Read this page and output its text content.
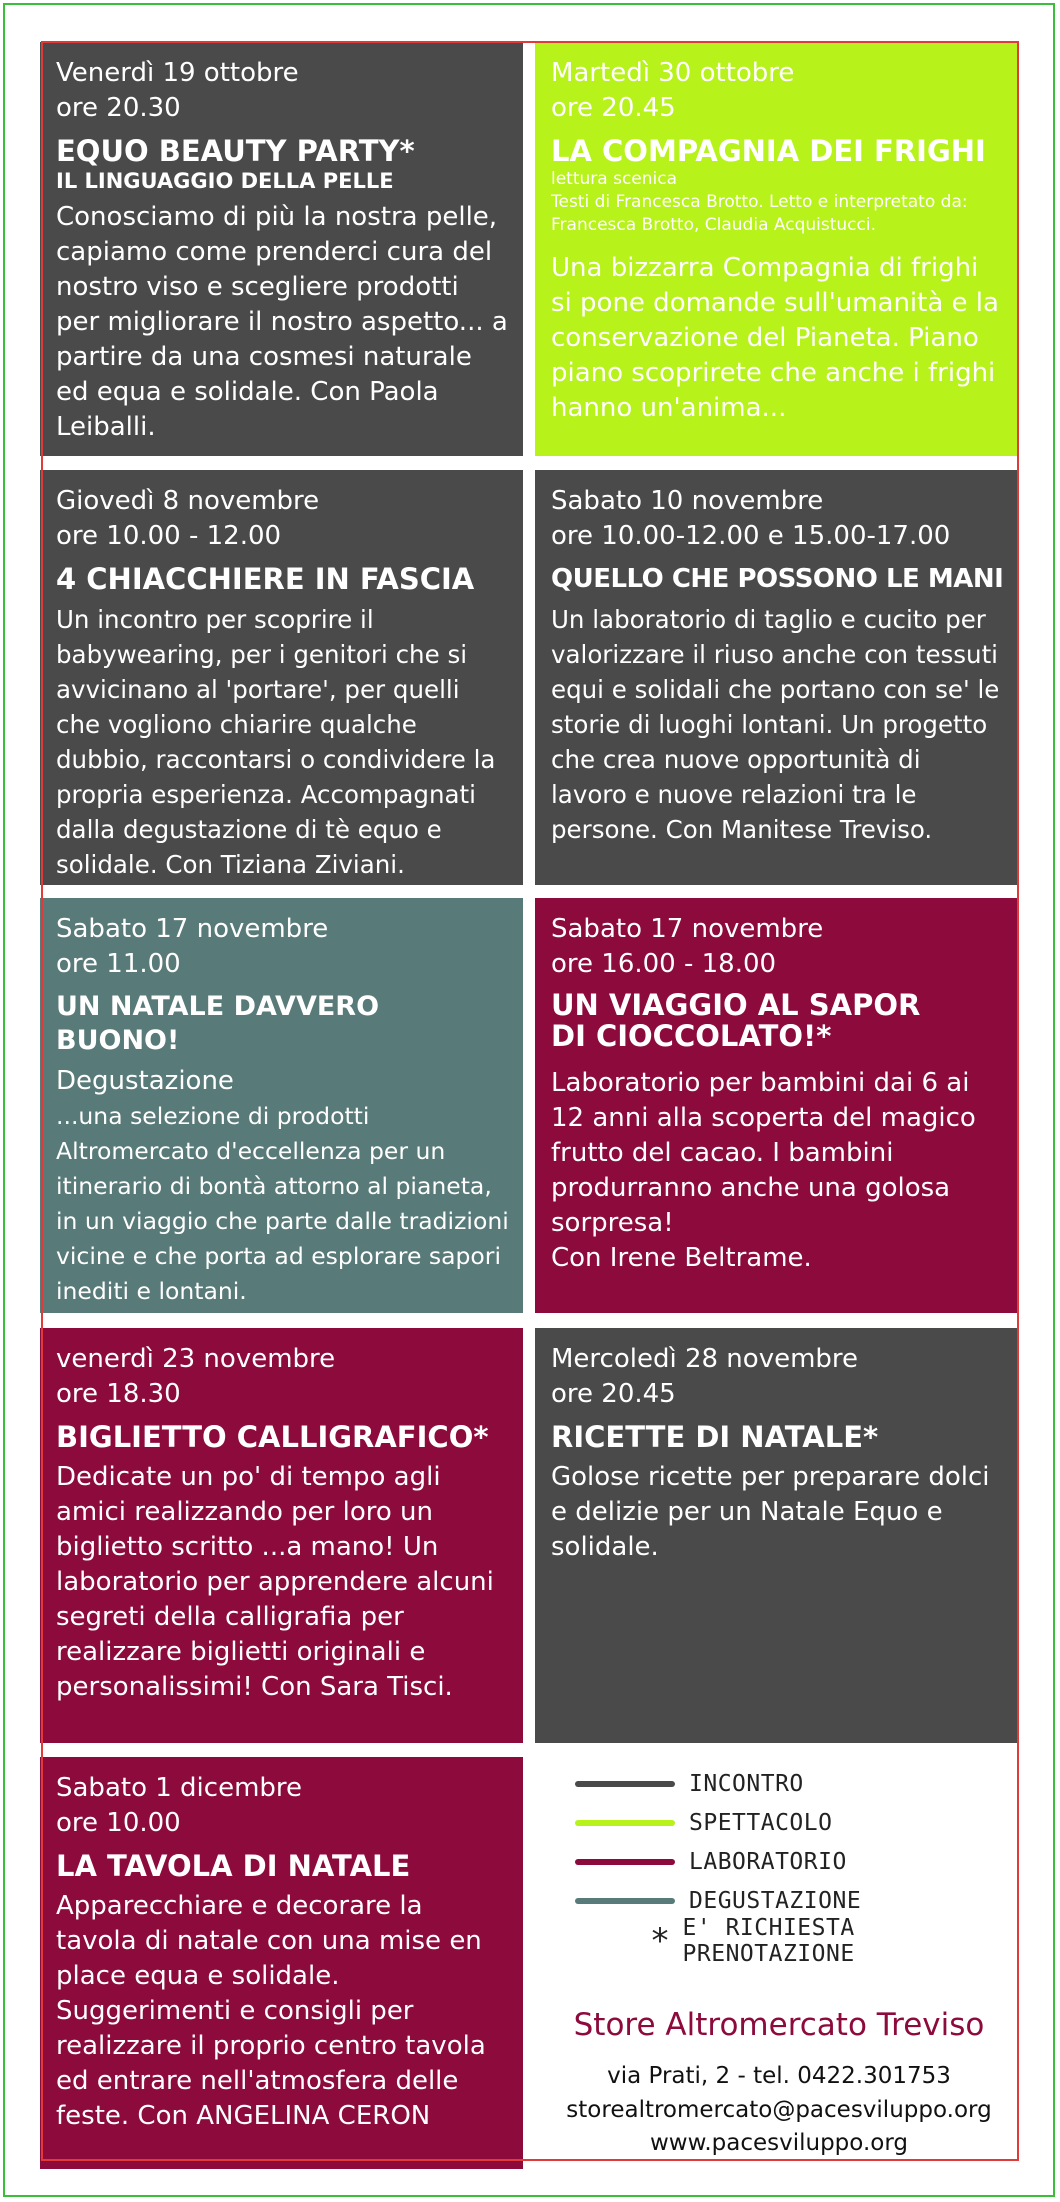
Venerdì 19 ottobre
ore 20.30
EQUO BEAUTY PARTY*
IL LINGUAGGIO DELLA PELLE
Conosciamo di più la nostra pelle, capiamo come prenderci cura del nostro viso e scegliere prodotti per migliorare il nostro aspetto... a partire da una cosmesi naturale ed equa e solidale. Con Paola Leiballi.
Martedì 30 ottobre
ore 20.45
LA COMPAGNIA DEI FRIGHI
lettura scenica
Testi di Francesca Brotto. Letto e interpretato da: Francesca Brotto, Claudia Acquistucci.
Una bizzarra Compagnia di frighi si pone domande sull'umanità e la conservazione del Pianeta. Piano piano scoprirete che anche i frighi hanno un'anima...
Giovedì 8 novembre
ore 10.00 - 12.00
4 CHIACCHIERE IN FASCIA
Un incontro per scoprire il babywearing, per i genitori che si avvicinano al 'portare', per quelli che vogliono chiarire qualche dubbio, raccontarsi o condividere la propria esperienza. Accompagnati dalla degustazione di tè equo e solidale. Con Tiziana Ziviani.
Sabato 10 novembre
ore 10.00-12.00 e 15.00-17.00
QUELLO CHE POSSONO LE MANI
Un laboratorio di taglio e cucito per valorizzare il riuso anche con tessuti equi e solidali che portano con se' le storie di luoghi lontani. Un progetto che crea nuove opportunità di lavoro e nuove relazioni tra le persone. Con Manitese Treviso.
Sabato 17 novembre
ore 11.00
UN NATALE DAVVERO BUONO!
Degustazione
...una selezione di prodotti Altromercato d'eccellenza per un itinerario di bontà attorno al pianeta, in un viaggio che parte dalle tradizioni vicine e che porta ad esplorare sapori inediti e lontani.
Sabato 17 novembre
ore 16.00 - 18.00
UN VIAGGIO AL SAPOR DI CIOCCOLATO!*
Laboratorio per bambini dai 6 ai 12 anni alla scoperta del magico frutto del cacao. I bambini produrranno anche una golosa sorpresa!
Con Irene Beltrame.
venerdì 23 novembre
ore 18.30
BIGLIETTO CALLIGRAFICO*
Dedicate un po' di tempo agli amici realizzando per loro un biglietto scritto ...a mano! Un laboratorio per apprendere alcuni segreti della calligrafia per realizzare biglietti originali e personalissimi! Con Sara Tisci.
Mercoledì 28 novembre
ore 20.45
RICETTE DI NATALE*
Golose ricette per preparare dolci e delizie per un Natale Equo e solidale.
Sabato 1 dicembre
ore 10.00
LA TAVOLA DI NATALE
Apparecchiare e decorare la tavola di natale con una mise en place equa e solidale. Suggerimenti e consigli per realizzare il proprio centro tavola ed entrare nell'atmosfera delle feste. Con ANGELINA CERON
INCONTRO
SPETTACOLO
LABORATORIO
DEGUSTAZIONE
* E' RICHIESTA PRENOTAZIONE
Store Altromercato Treviso
via Prati, 2 - tel. 0422.301753
storealtromercato@pacesviluppo.org
www.pacesviluppo.org
